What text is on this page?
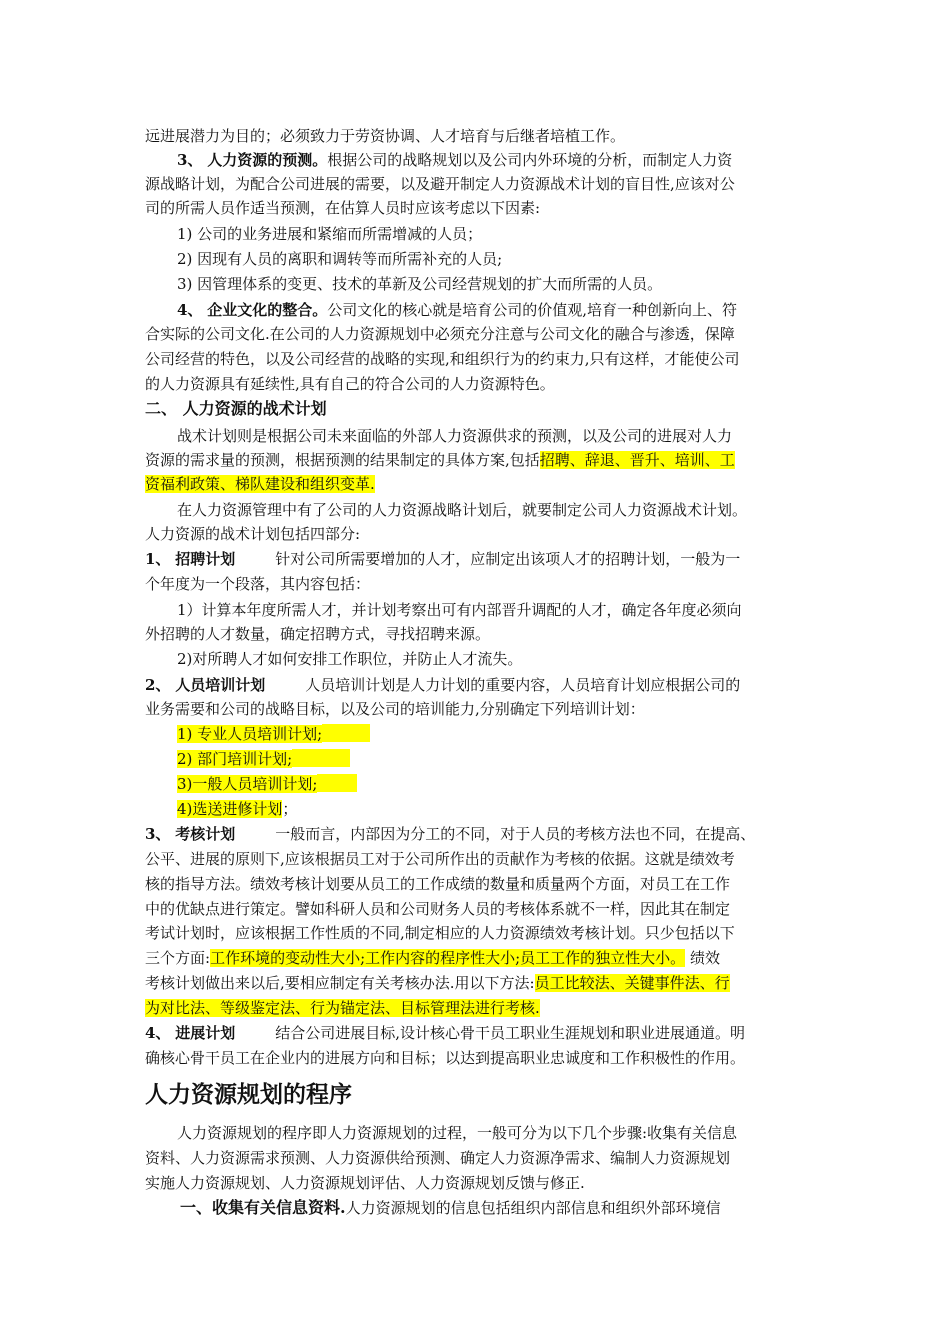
远进展潜力为目的；必须致力于劳资协调、人才培育与后继者培植工作。
3、 人力资源的预测。根据公司的战略规划以及公司内外环境的分析，而制定人力资
源战略计划，为配合公司进展的需要，以及避开制定人力资源战术计划的盲目性,应该对公
司的所需人员作适当预测，在估算人员时应该考虑以下因素:
1) 公司的业务进展和紧缩而所需增减的人员；
2) 因现有人员的离职和调转等而所需补充的人员;
3) 因管理体系的变更、技术的革新及公司经营规划的扩大而所需的人员。
4、 企业文化的整合。公司文化的核心就是培育公司的价值观,培育一种创新向上、符
合实际的公司文化.在公司的人力资源规划中必须充分注意与公司文化的融合与渗透，保障
公司经营的特色，以及公司经营的战略的实现,和组织行为的约束力,只有这样，才能使公司
的人力资源具有延续性,具有自己的符合公司的人力资源特色。
二、 人力资源的战术计划
战术计划则是根据公司未来面临的外部人力资源供求的预测，以及公司的进展对人力
资源的需求量的预测，根据预测的结果制定的具体方案,包括招聘、辞退、晋升、培训、工
资福利政策、梯队建设和组织变革.
在人力资源管理中有了公司的人力资源战略计划后，就要制定公司人力资源战术计划。
人力资源的战术计划包括四部分:
1、 招聘计划	针对公司所需要增加的人才，应制定出该项人才的招聘计划，一般为一
个年度为一个段落，其内容包括：
1）计算本年度所需人才，并计划考察出可有内部晋升调配的人才，确定各年度必须向
外招聘的人才数量，确定招聘方式，寻找招聘来源。
2)对所聘人才如何安排工作职位，并防止人才流失。
2、 人员培训计划	人员培训计划是人力计划的重要内容，人员培育计划应根据公司的
业务需要和公司的战略目标，以及公司的培训能力,分别确定下列培训计划：
1) 专业人员培训计划;
2) 部门培训计划;
3)一般人员培训计划;
4)选送进修计划；
3、 考核计划	一般而言，内部因为分工的不同，对于人员的考核方法也不同，在提高、
公平、进展的原则下,应该根据员工对于公司所作出的贡献作为考核的依据。这就是绩效考
核的指导方法。绩效考核计划要从员工的工作成绩的数量和质量两个方面，对员工在工作
中的优缺点进行策定。譬如科研人员和公司财务人员的考核体系就不一样，因此其在制定
考试计划时，应该根据工作性质的不同,制定相应的人力资源绩效考核计划。只少包括以下
三个方面:工作环境的变动性大小;工作内容的程序性大小;员工工作的独立性大小。 绩效
考核计划做出来以后,要相应制定有关考核办法.用以下方法:员工比较法、关键事件法、行
为对比法、等级鉴定法、行为锚定法、目标管理法进行考核.
4、 进展计划	结合公司进展目标,设计核心骨干员工职业生涯规划和职业进展通道。明
确核心骨干员工在企业内的进展方向和目标；以达到提高职业忠诚度和工作积极性的作用。
人力资源规划的程序
人力资源规划的程序即人力资源规划的过程，一般可分为以下几个步骤:收集有关信息
资料、人力资源需求预测、人力资源供给预测、确定人力资源净需求、编制人力资源规划
实施人力资源规划、人力资源规划评估、人力资源规划反馈与修正.
一、收集有关信息资料.人力资源规划的信息包括组织内部信息和组织外部环境信
